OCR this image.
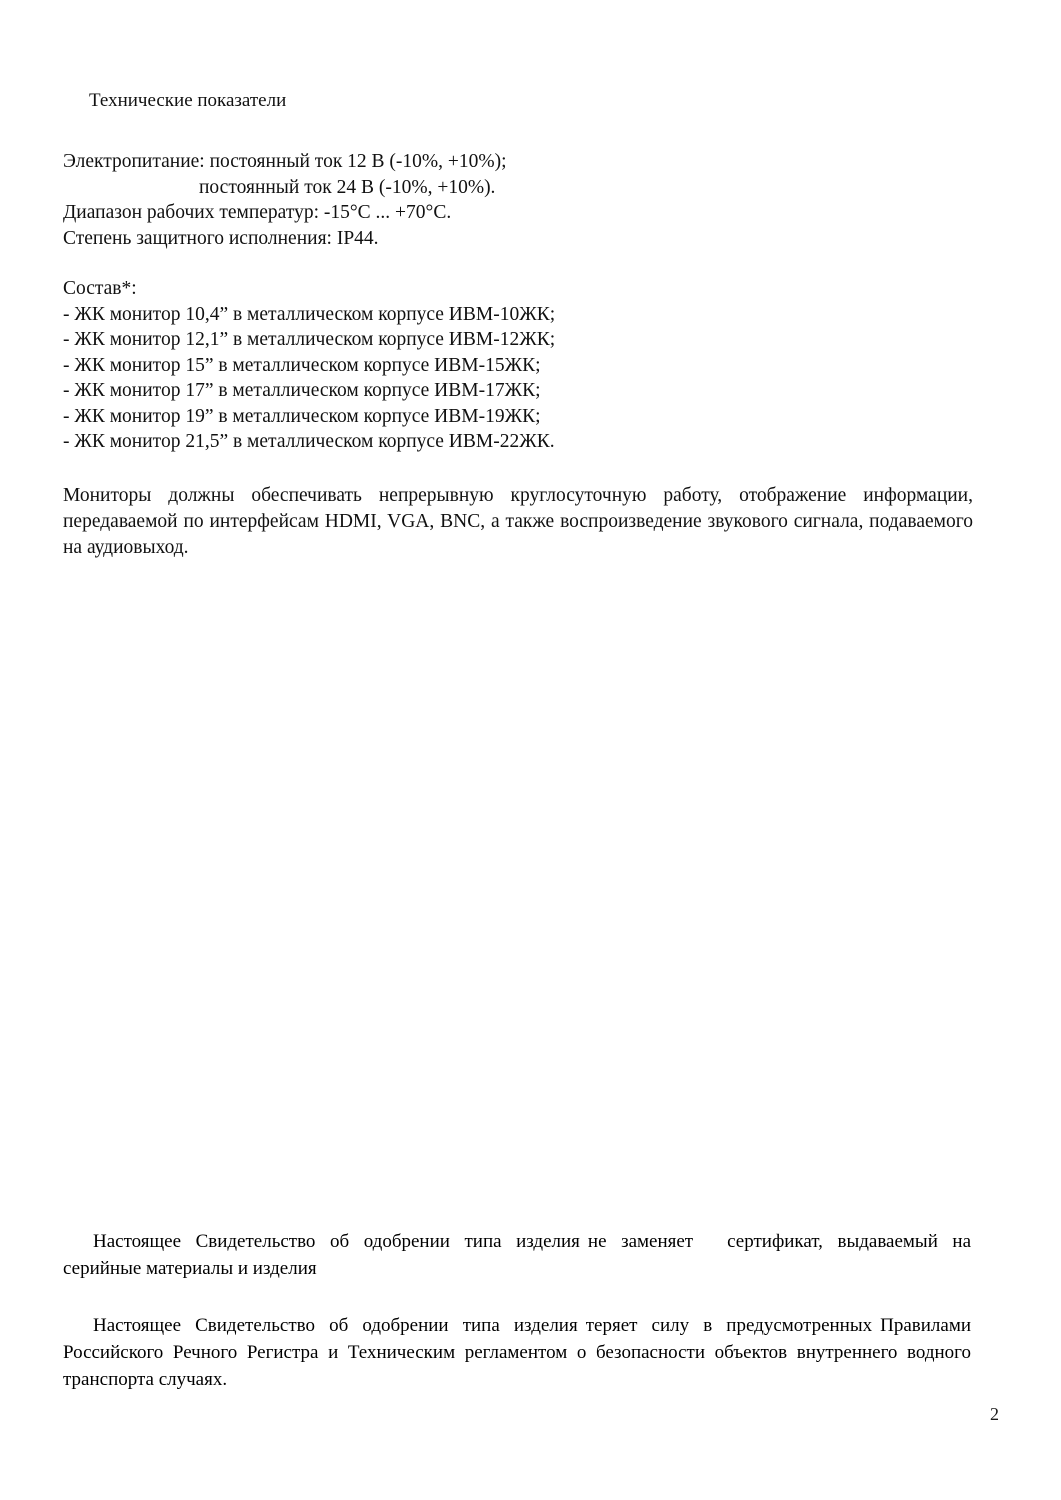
Технические показатели
Электропитание: постоянный ток 12 В (-10%, +10%);
постоянный ток 24 В (-10%, +10%).
Диапазон рабочих температур: -15°C ... +70°C.
Степень защитного исполнения: IP44.
Состав*:
- ЖК монитор 10,4” в металлическом корпусе ИВМ-10ЖК;
- ЖК монитор 12,1” в металлическом корпусе ИВМ-12ЖК;
- ЖК монитор 15” в металлическом корпусе ИВМ-15ЖК;
- ЖК монитор 17” в металлическом корпусе ИВМ-17ЖК;
- ЖК монитор 19” в металлическом корпусе ИВМ-19ЖК;
- ЖК монитор 21,5” в металлическом корпусе ИВМ-22ЖК.
Мониторы должны обеспечивать непрерывную круглосуточную работу, отображение информации, передаваемой по интерфейсам HDMI, VGA, BNC, а также воспроизведение звукового сигнала, подаваемого на аудиовыход.

Настоящее Свидетельство об одобрении типа изделия не заменяет сертификат, выдаваемый на серийные материалы и изделия

Настоящее Свидетельство об одобрении типа изделия теряет силу в предусмотренных Правилами Российского Речного Регистра и Техническим регламентом о безопасности объектов внутреннего водного транспорта случаях.

2
